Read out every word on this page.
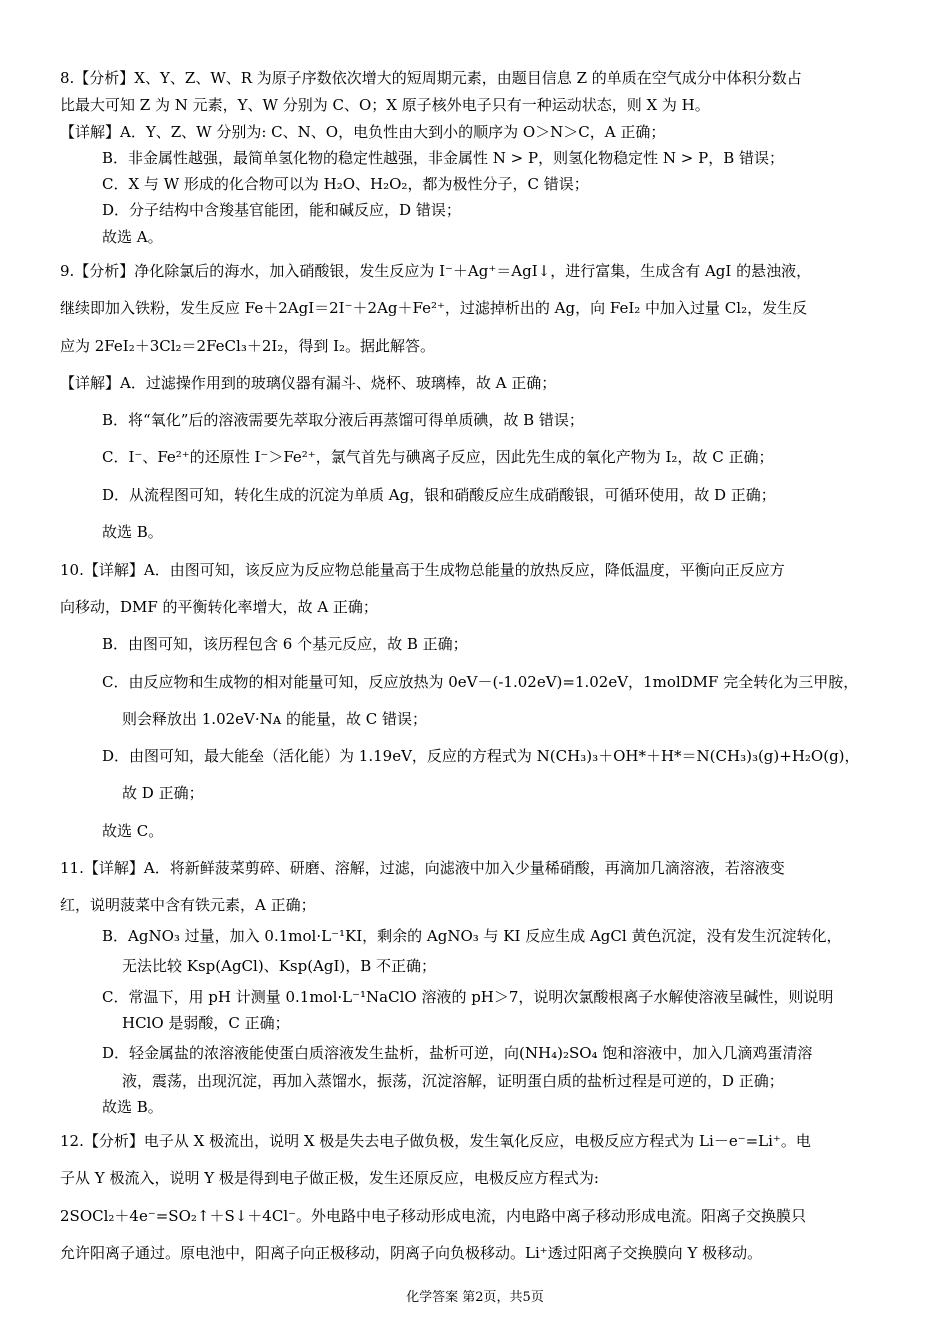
8.【分析】X、Y、Z、W、R 为原子序数依次增大的短周期元素，由题目信息 Z 的单质在空气成分中体积分数占
比最大可知 Z 为 N 元素，Y、W 分别为 C、O；X 原子核外电子只有一种运动状态，则 X 为 H。
【详解】A．Y、Z、W 分别为: C、N、O，电负性由大到小的顺序为 O＞N＞C，A 正确；
B．非金属性越强，最简单氢化物的稳定性越强，非金属性 N > P，则氢化物稳定性 N > P，B 错误；
C．X 与 W 形成的化合物可以为 H₂O、H₂O₂，都为极性分子，C 错误；
D．分子结构中含羧基官能团，能和碱反应，D 错误；
故选 A。
9.【分析】净化除氯后的海水，加入硝酸银，发生反应为 I⁻＋Ag⁺＝AgI↓，进行富集，生成含有 AgI 的悬浊液，
继续即加入铁粉，发生反应 Fe＋2AgI＝2I⁻＋2Ag＋Fe²⁺，过滤掉析出的 Ag，向 FeI₂ 中加入过量 Cl₂，发生反
应为 2FeI₂＋3Cl₂＝2FeCl₃＋2I₂，得到 I₂。据此解答。
【详解】A．过滤操作用到的玻璃仪器有漏斗、烧杯、玻璃棒，故 A 正确；
B．将“氧化”后的溶液需要先萃取分液后再蒸馏可得单质碘，故 B 错误；
C．I⁻、Fe²⁺的还原性 I⁻＞Fe²⁺，氯气首先与碘离子反应，因此先生成的氧化产物为 I₂，故 C 正确；
D．从流程图可知，转化生成的沉淀为单质 Ag，银和硝酸反应生成硝酸银，可循环使用，故 D 正确；
故选 B。
10.【详解】A．由图可知，该反应为反应物总能量高于生成物总能量的放热反应，降低温度，平衡向正反应方
向移动，DMF 的平衡转化率增大，故 A 正确；
B．由图可知，该历程包含 6 个基元反应，故 B 正确；
C．由反应物和生成物的相对能量可知，反应放热为 0eV－(-1.02eV)=1.02eV，1molDMF 完全转化为三甲胺，
则会释放出 1.02eV·Nᴀ 的能量，故 C 错误；
D．由图可知，最大能垒（活化能）为 1.19eV，反应的方程式为 N(CH₃)₃＋OH*＋H*＝N(CH₃)₃(g)+H₂O(g)，
故 D 正确；
故选 C。
11.【详解】A．将新鲜菠菜剪碎、研磨、溶解，过滤，向滤液中加入少量稀硝酸，再滴加几滴溶液，若溶液变
红，说明菠菜中含有铁元素，A 正确；
B．AgNO₃ 过量，加入 0.1mol·L⁻¹KI，剩余的 AgNO₃ 与 KI 反应生成 AgCl 黄色沉淀，没有发生沉淀转化，
无法比较 Ksp(AgCl)、Ksp(AgI)，B 不正确；
C．常温下，用 pH 计测量 0.1mol·L⁻¹NaClO 溶液的 pH＞7，说明次氯酸根离子水解使溶液呈碱性，则说明
HClO 是弱酸，C 正确；
D．轻金属盐的浓溶液能使蛋白质溶液发生盐析，盐析可逆，向(NH₄)₂SO₄ 饱和溶液中，加入几滴鸡蛋清溶
液，震荡，出现沉淀，再加入蒸馏水，振荡，沉淀溶解，证明蛋白质的盐析过程是可逆的，D 正确；
故选 B。
12.【分析】电子从 X 极流出，说明 X 极是失去电子做负极，发生氧化反应，电极反应方程式为 Li－e⁻=Li⁺。电
子从 Y 极流入，说明 Y 极是得到电子做正极，发生还原反应，电极反应方程式为:
2SOCl₂＋4e⁻=SO₂↑＋S↓＋4Cl⁻。外电路中电子移动形成电流，内电路中离子移动形成电流。阳离子交换膜只
允许阳离子通过。原电池中，阳离子向正极移动，阴离子向负极移动。Li⁺透过阳离子交换膜向 Y 极移动。
化学答案 第2页，共5页
